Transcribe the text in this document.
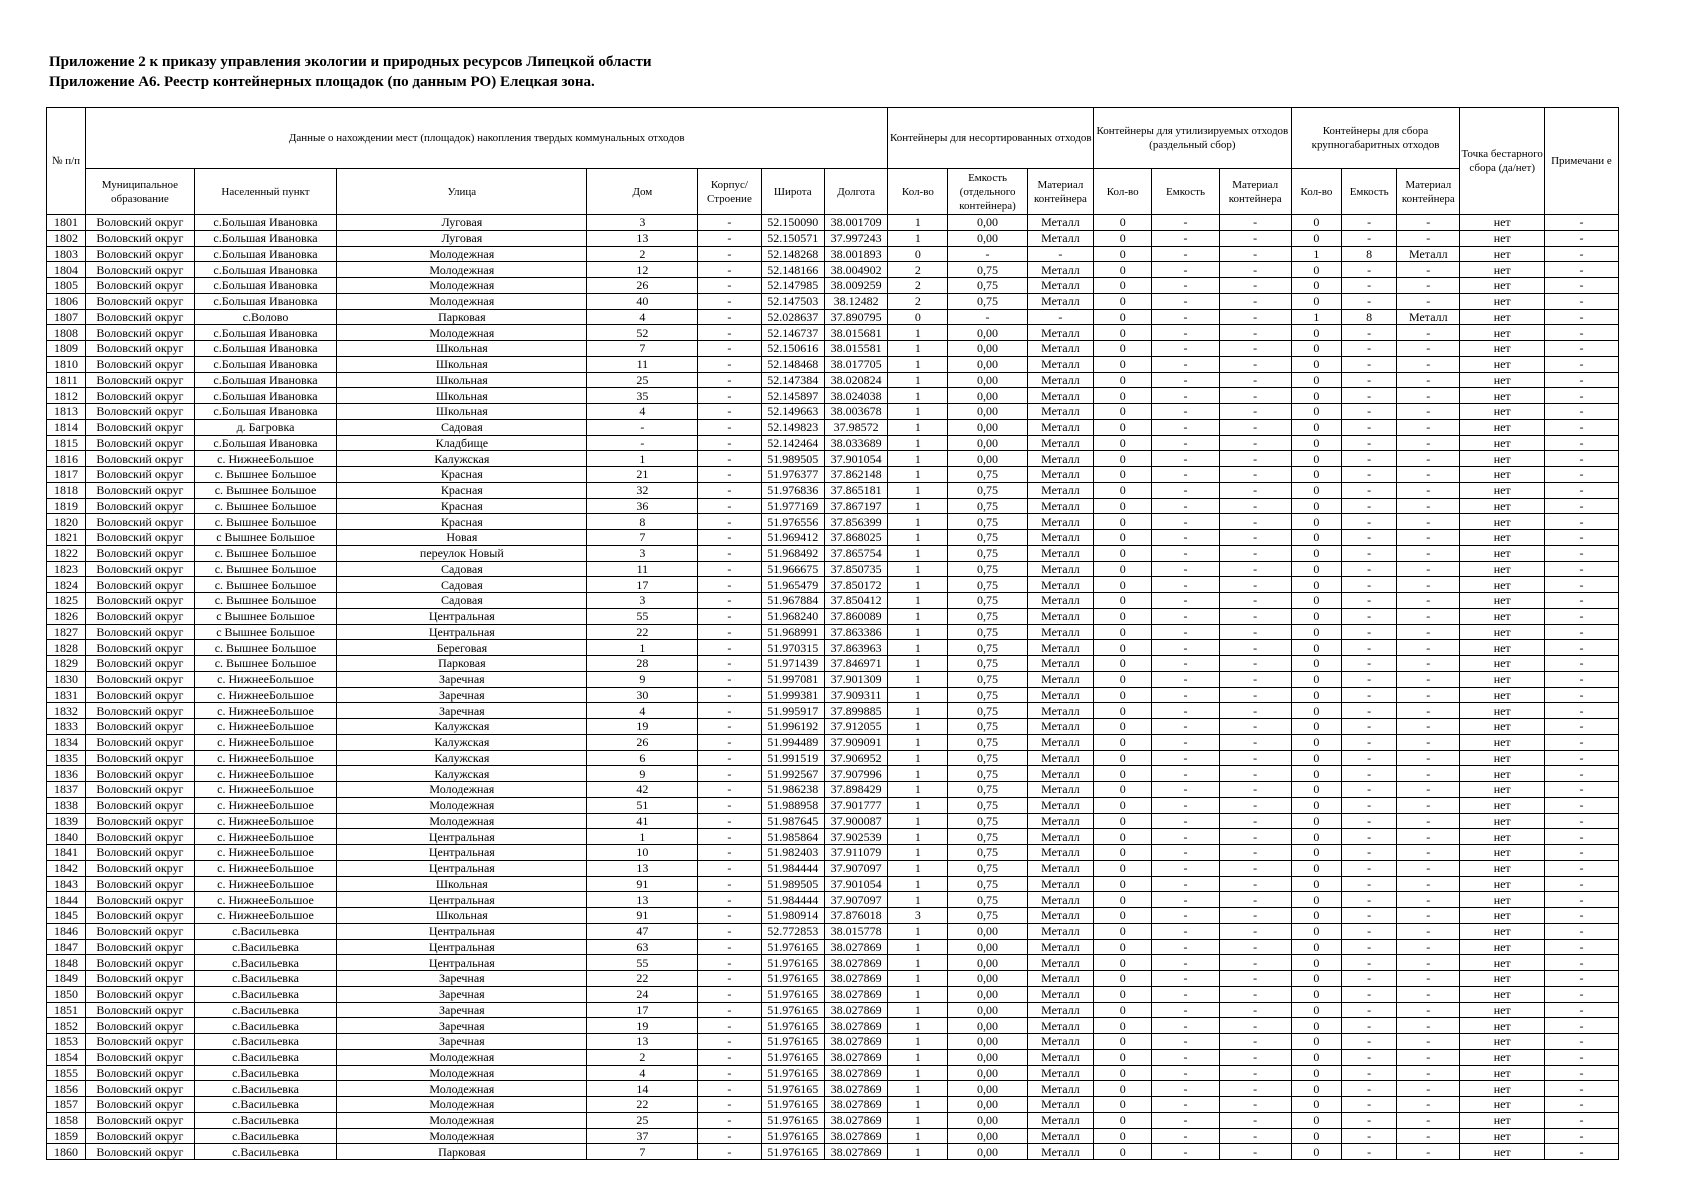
Приложение 2 к приказу управления экологии и природных ресурсов Липецкой области
Приложение А6. Реестр контейнерных площадок (по данным РО) Елецкая зона.
№ п/п	Данные о нахождении мест (площадок) накопления твердых коммунальных отходов							Контейнеры для несортированных отходов			Контейнеры для утилизируемых отходов (раздельный сбор)			Контейнеры для сбора крупногабаритных отходов			Точка бестарного сбора (да/нет)	Примечани е
	Муниципальное образование	Населенный пункт	Улица	Дом	Корпус/ Строение	Широта	Долгота	Кол-во	Емкость (отдельного контейнера)	Материал контейнера	Кол-во	Емкость	Материал контейнера	Кол-во	Емкость	Материал контейнера		
1801	Воловский округ	с.Большая Ивановка	Луговая	3	-	52.150090	38.001709	1	0,00	Металл	0	-	-	0	-	-	нет	-
1802	Воловский округ	с.Большая Ивановка	Луговая	13	-	52.150571	37.997243	1	0,00	Металл	0	-	-	0	-	-	нет	-
1803	Воловский округ	с.Большая Ивановка	Молодежная	2	-	52.148268	38.001893	0	-	-	0	-	-	1	8	Металл	нет	-
1804	Воловский округ	с.Большая Ивановка	Молодежная	12	-	52.148166	38.004902	2	0,75	Металл	0	-	-	0	-	-	нет	-
1805	Воловский округ	с.Большая Ивановка	Молодежная	26	-	52.147985	38.009259	2	0,75	Металл	0	-	-	0	-	-	нет	-
1806	Воловский округ	с.Большая Ивановка	Молодежная	40	-	52.147503	38.12482	2	0,75	Металл	0	-	-	0	-	-	нет	-
1807	Воловский округ	с.Волово	Парковая	4	-	52.028637	37.890795	0	-	-	0	-	-	1	8	Металл	нет	-
1808	Воловский округ	с.Большая Ивановка	Молодежная	52	-	52.146737	38.015681	1	0,00	Металл	0	-	-	0	-	-	нет	-
1809	Воловский округ	с.Большая Ивановка	Школьная	7	-	52.150616	38.015581	1	0,00	Металл	0	-	-	0	-	-	нет	-
1810	Воловский округ	с.Большая Ивановка	Школьная	11	-	52.148468	38.017705	1	0,00	Металл	0	-	-	0	-	-	нет	-
1811	Воловский округ	с.Большая Ивановка	Школьная	25	-	52.147384	38.020824	1	0,00	Металл	0	-	-	0	-	-	нет	-
1812	Воловский округ	с.Большая Ивановка	Школьная	35	-	52.145897	38.024038	1	0,00	Металл	0	-	-	0	-	-	нет	-
1813	Воловский округ	с.Большая Ивановка	Школьная	4	-	52.149663	38.003678	1	0,00	Металл	0	-	-	0	-	-	нет	-
1814	Воловский округ	д. Багровка	Садовая	-	-	52.149823	37.98572	1	0,00	Металл	0	-	-	0	-	-	нет	-
1815	Воловский округ	с.Большая Ивановка	Кладбище	-	-	52.142464	38.033689	1	0,00	Металл	0	-	-	0	-	-	нет	-
1816	Воловский округ	с. НижнееБольшое	Калужская	1	-	51.989505	37.901054	1	0,00	Металл	0	-	-	0	-	-	нет	-
1817	Воловский округ	с. Вышнее Большое	Красная	21	-	51.976377	37.862148	1	0,75	Металл	0	-	-	0	-	-	нет	-
1818	Воловский округ	с. Вышнее Большое	Красная	32	-	51.976836	37.865181	1	0,75	Металл	0	-	-	0	-	-	нет	-
1819	Воловский округ	с. Вышнее Большое	Красная	36	-	51.977169	37.867197	1	0,75	Металл	0	-	-	0	-	-	нет	-
1820	Воловский округ	с. Вышнее Большое	Красная	8	-	51.976556	37.856399	1	0,75	Металл	0	-	-	0	-	-	нет	-
1821	Воловский округ	с Вышнее Большое	Новая	7	-	51.969412	37.868025	1	0,75	Металл	0	-	-	0	-	-	нет	-
1822	Воловский округ	с. Вышнее Большое	переулок Новый	3	-	51.968492	37.865754	1	0,75	Металл	0	-	-	0	-	-	нет	-
1823	Воловский округ	с. Вышнее Большое	Садовая	11	-	51.966675	37.850735	1	0,75	Металл	0	-	-	0	-	-	нет	-
1824	Воловский округ	с. Вышнее Большое	Садовая	17	-	51.965479	37.850172	1	0,75	Металл	0	-	-	0	-	-	нет	-
1825	Воловский округ	с. Вышнее Большое	Садовая	3	-	51.967884	37.850412	1	0,75	Металл	0	-	-	0	-	-	нет	-
1826	Воловский округ	с Вышнее Большое	Центральная	55	-	51.968240	37.860089	1	0,75	Металл	0	-	-	0	-	-	нет	-
1827	Воловский округ	с Вышнее Большое	Центральная	22	-	51.968991	37.863386	1	0,75	Металл	0	-	-	0	-	-	нет	-
1828	Воловский округ	с. Вышнее Большое	Береговая	1	-	51.970315	37.863963	1	0,75	Металл	0	-	-	0	-	-	нет	-
1829	Воловский округ	с. Вышнее Большое	Парковая	28	-	51.971439	37.846971	1	0,75	Металл	0	-	-	0	-	-	нет	-
1830	Воловский округ	с. НижнееБольшое	Заречная	9	-	51.997081	37.901309	1	0,75	Металл	0	-	-	0	-	-	нет	-
1831	Воловский округ	с. НижнееБольшое	Заречная	30	-	51.999381	37.909311	1	0,75	Металл	0	-	-	0	-	-	нет	-
1832	Воловский округ	с. НижнееБольшое	Заречная	4	-	51.995917	37.899885	1	0,75	Металл	0	-	-	0	-	-	нет	-
1833	Воловский округ	с. НижнееБольшое	Калужская	19	-	51.996192	37.912055	1	0,75	Металл	0	-	-	0	-	-	нет	-
1834	Воловский округ	с. НижнееБольшое	Калужская	26	-	51.994489	37.909091	1	0,75	Металл	0	-	-	0	-	-	нет	-
1835	Воловский округ	с. НижнееБольшое	Калужская	6	-	51.991519	37.906952	1	0,75	Металл	0	-	-	0	-	-	нет	-
1836	Воловский округ	с. НижнееБольшое	Калужская	9	-	51.992567	37.907996	1	0,75	Металл	0	-	-	0	-	-	нет	-
1837	Воловский округ	с. НижнееБольшое	Молодежная	42	-	51.986238	37.898429	1	0,75	Металл	0	-	-	0	-	-	нет	-
1838	Воловский округ	с. НижнееБольшое	Молодежная	51	-	51.988958	37.901777	1	0,75	Металл	0	-	-	0	-	-	нет	-
1839	Воловский округ	с. НижнееБольшое	Молодежная	41	-	51.987645	37.900087	1	0,75	Металл	0	-	-	0	-	-	нет	-
1840	Воловский округ	с. НижнееБольшое	Центральная	1	-	51.985864	37.902539	1	0,75	Металл	0	-	-	0	-	-	нет	-
1841	Воловский округ	с. НижнееБольшое	Центральная	10	-	51.982403	37.911079	1	0,75	Металл	0	-	-	0	-	-	нет	-
1842	Воловский округ	с. НижнееБольшое	Центральная	13	-	51.984444	37.907097	1	0,75	Металл	0	-	-	0	-	-	нет	-
1843	Воловский округ	с. НижнееБольшое	Школьная	91	-	51.989505	37.901054	1	0,75	Металл	0	-	-	0	-	-	нет	-
1844	Воловский округ	с. НижнееБольшое	Центральная	13	-	51.984444	37.907097	1	0,75	Металл	0	-	-	0	-	-	нет	-
1845	Воловский округ	с. НижнееБольшое	Школьная	91	-	51.980914	37.876018	3	0,75	Металл	0	-	-	0	-	-	нет	-
1846	Воловский округ	с.Васильевка	Центральная	47	-	52.772853	38.015778	1	0,00	Металл	0	-	-	0	-	-	нет	-
1847	Воловский округ	с.Васильевка	Центральная	63	-	51.976165	38.027869	1	0,00	Металл	0	-	-	0	-	-	нет	-
1848	Воловский округ	с.Васильевка	Центральная	55	-	51.976165	38.027869	1	0,00	Металл	0	-	-	0	-	-	нет	-
1849	Воловский округ	с.Васильевка	Заречная	22	-	51.976165	38.027869	1	0,00	Металл	0	-	-	0	-	-	нет	-
1850	Воловский округ	с.Васильевка	Заречная	24	-	51.976165	38.027869	1	0,00	Металл	0	-	-	0	-	-	нет	-
1851	Воловский округ	с.Васильевка	Заречная	17	-	51.976165	38.027869	1	0,00	Металл	0	-	-	0	-	-	нет	-
1852	Воловский округ	с.Васильевка	Заречная	19	-	51.976165	38.027869	1	0,00	Металл	0	-	-	0	-	-	нет	-
1853	Воловский округ	с.Васильевка	Заречная	13	-	51.976165	38.027869	1	0,00	Металл	0	-	-	0	-	-	нет	-
1854	Воловский округ	с.Васильевка	Молодежная	2	-	51.976165	38.027869	1	0,00	Металл	0	-	-	0	-	-	нет	-
1855	Воловский округ	с.Васильевка	Молодежная	4	-	51.976165	38.027869	1	0,00	Металл	0	-	-	0	-	-	нет	-
1856	Воловский округ	с.Васильевка	Молодежная	14	-	51.976165	38.027869	1	0,00	Металл	0	-	-	0	-	-	нет	-
1857	Воловский округ	с.Васильевка	Молодежная	22	-	51.976165	38.027869	1	0,00	Металл	0	-	-	0	-	-	нет	-
1858	Воловский округ	с.Васильевка	Молодежная	25	-	51.976165	38.027869	1	0,00	Металл	0	-	-	0	-	-	нет	-
1859	Воловский округ	с.Васильевка	Молодежная	37	-	51.976165	38.027869	1	0,00	Металл	0	-	-	0	-	-	нет	-
1860	Воловский округ	с.Васильевка	Парковая	7	-	51.976165	38.027869	1	0,00	Металл	0	-	-	0	-	-	нет	-
